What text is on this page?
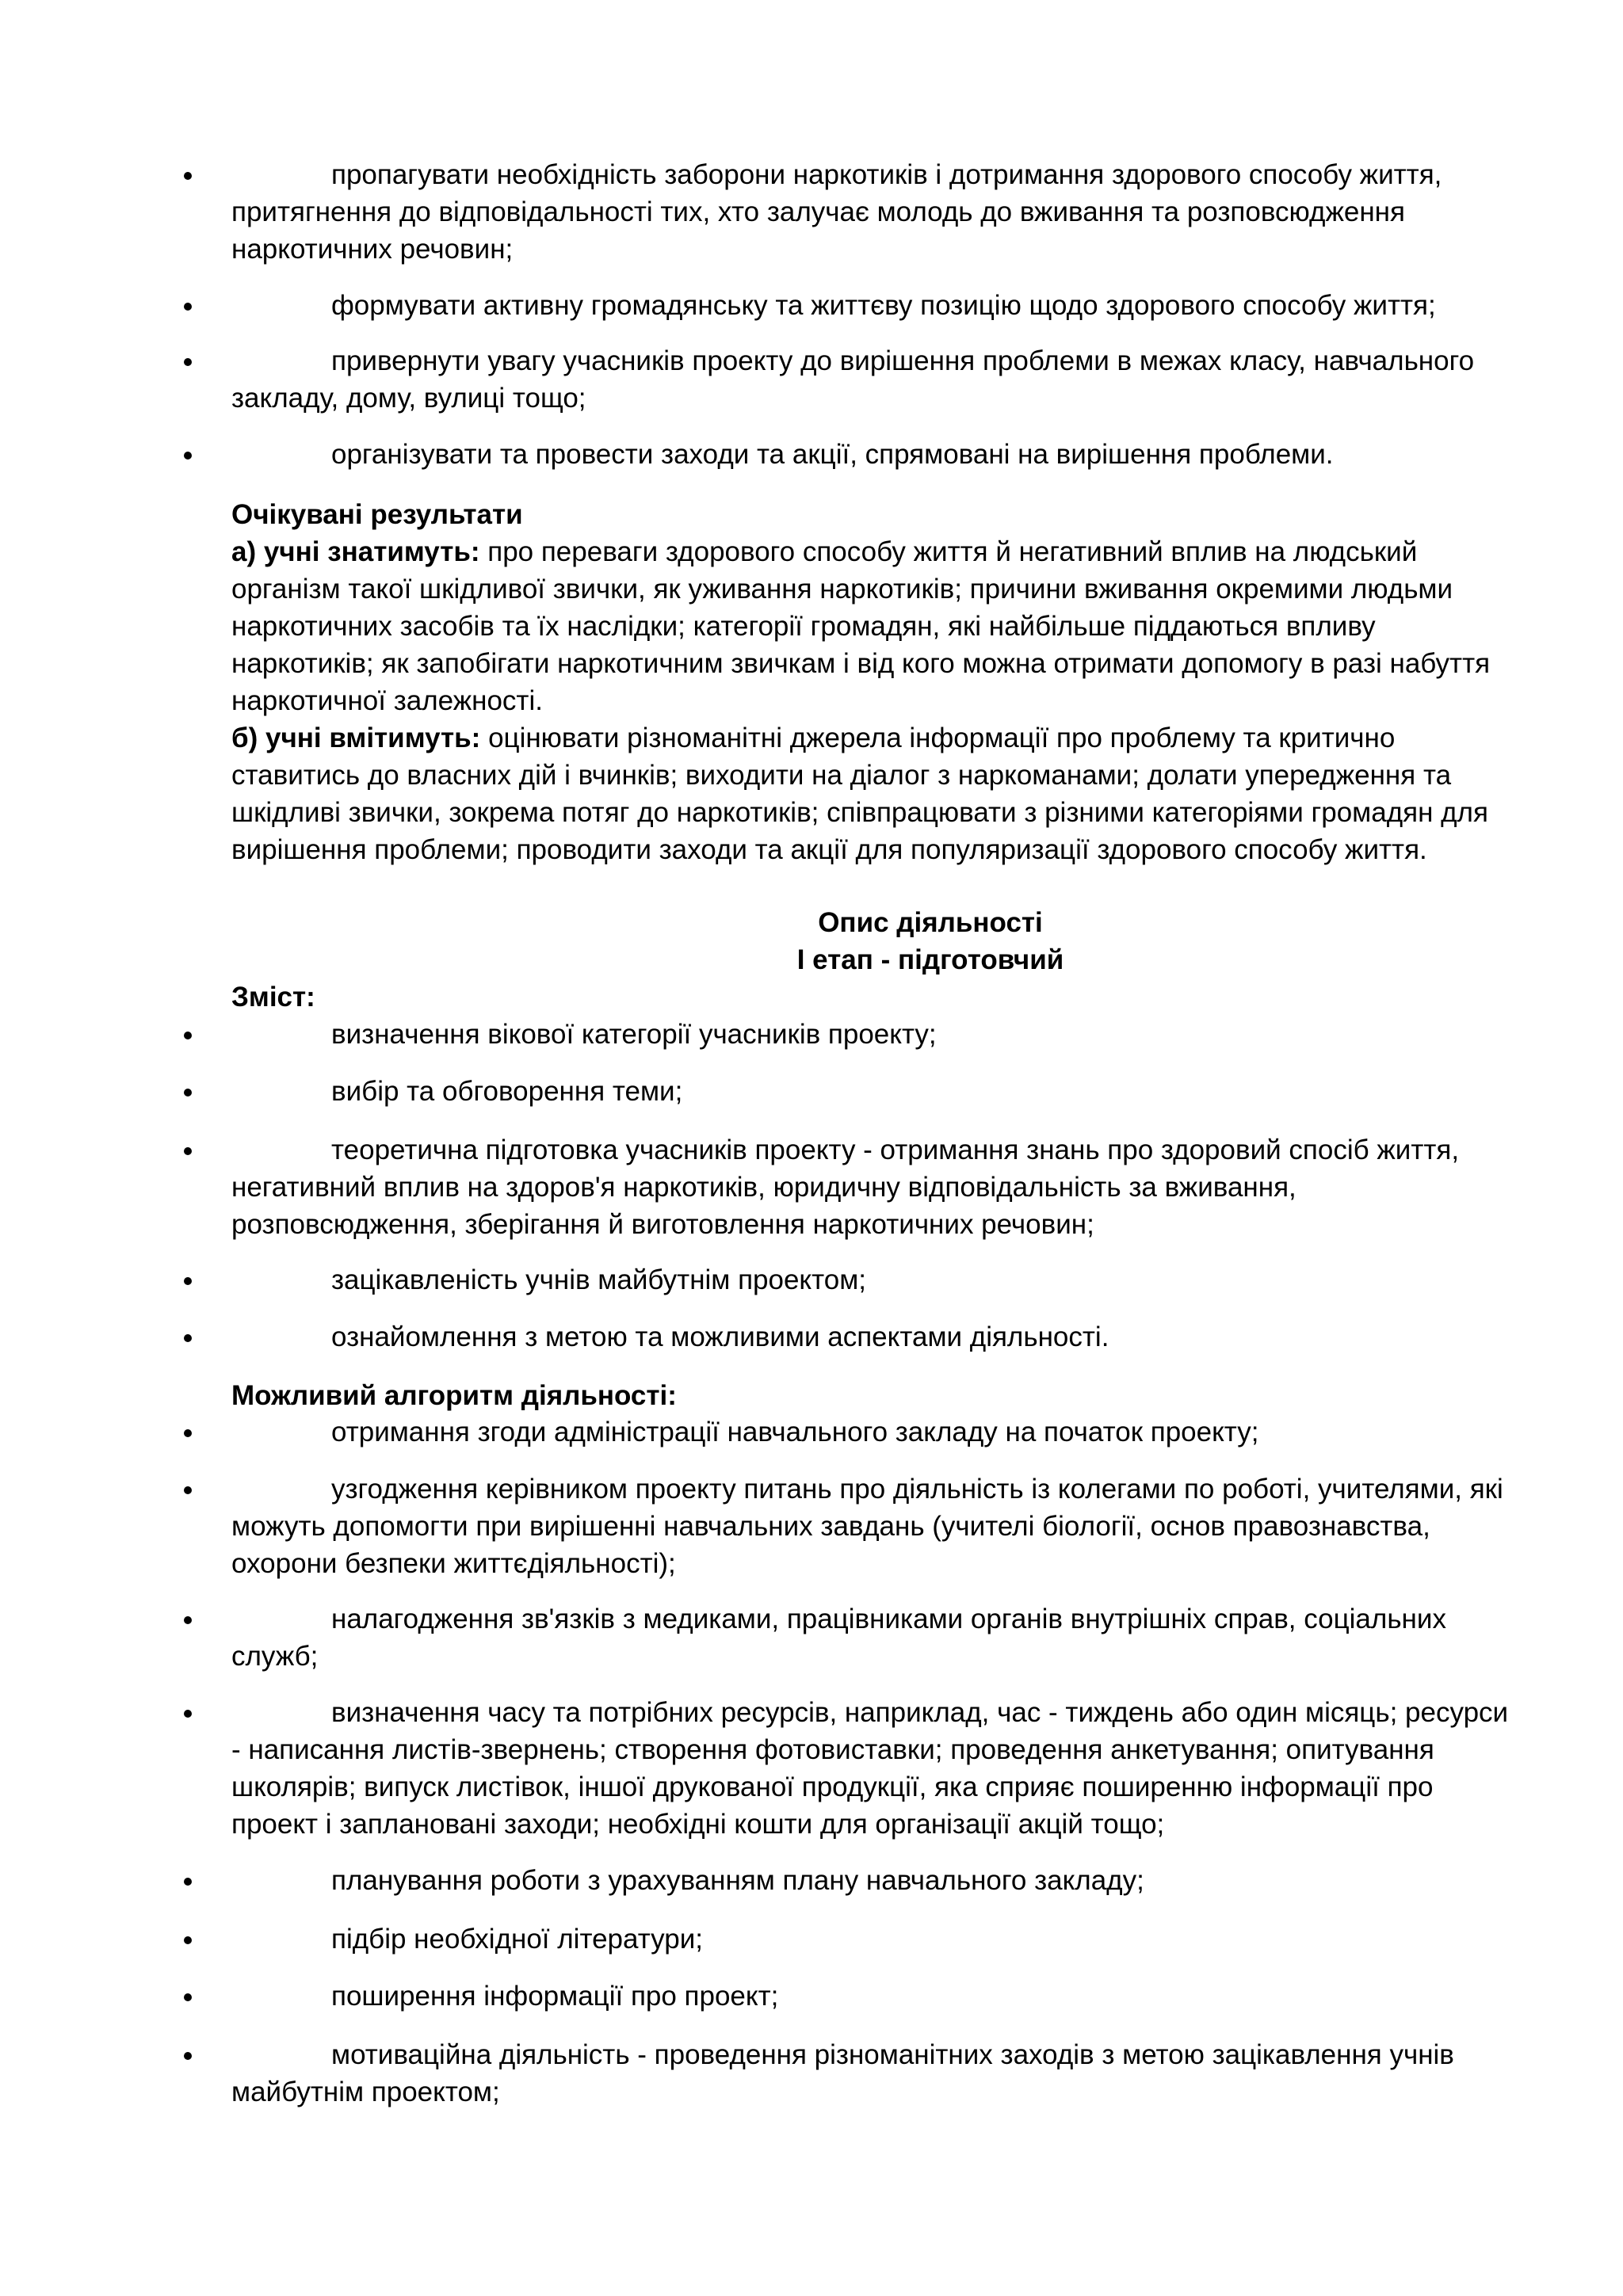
пропагувати необхідність заборони наркотиків і дотримання здорового способу життя, притягнення до відповідальності тих, хто залучає молодь до вживання та розповсюдження наркотичних речовин;
формувати активну громадянську та життєву позицію щодо здорового способу життя;
привернути увагу учасників проекту до вирішення проблеми в межах класу, навчального закладу, дому, вулиці тощо;
організувати та провести заходи та акції, спрямовані на вирішення проблеми.
Очікувані результати
а) учні знатимуть: про переваги здорового способу життя й негативний вплив на людський організм такої шкідливої звички, як уживання наркотиків; причини вживання окремими людьми наркотичних засобів та їх наслідки; категорії громадян, які найбільше піддаються впливу наркотиків; як запобігати наркотичним звичкам і від кого можна отримати допомогу в разі набуття наркотичної залежності.
б) учні вмітимуть: оцінювати різноманітні джерела інформації про проблему та критично ставитись до власних дій і вчинків; виходити на діалог з наркоманами; долати упередження та шкідливі звички, зокрема потяг до наркотиків; співпрацювати з різними категоріями громадян для вирішення проблеми; проводити заходи та акції для популяризації здорового способу життя.
Опис діяльності
І етап - підготовчий
Зміст:
визначення вікової категорії учасників проекту;
вибір та обговорення теми;
теоретична підготовка учасників проекту - отримання знань про здоровий спосіб життя, негативний вплив на здоров'я наркотиків, юридичну відповідальність за вживання, розповсюдження, зберігання й виготовлення наркотичних речовин;
зацікавленість учнів майбутнім проектом;
ознайомлення з метою та можливими аспектами діяльності.
Можливий алгоритм діяльності:
отримання згоди адміністрації навчального закладу на початок проекту;
узгодження керівником проекту питань про діяльність із колегами по роботі, учителями, які можуть допомогти при вирішенні навчальних завдань (учителі біології, основ правознавства, охорони безпеки життєдіяльності);
налагодження зв'язків з медиками, працівниками органів внутрішніх справ, соціальних служб;
визначення часу та потрібних ресурсів, наприклад, час - тиждень або один місяць; ресурси - написання листів-звернень; створення фотовиставки; проведення анкетування; опитування школярів; випуск листівок, іншої друкованої продукції, яка сприяє поширенню інформації про проект і заплановані заходи; необхідні кошти для організації акцій тощо;
планування роботи з урахуванням плану навчального закладу;
підбір необхідної літератури;
поширення інформації про проект;
мотиваційна діяльність - проведення різноманітних заходів з метою зацікавлення учнів майбутнім проектом;
